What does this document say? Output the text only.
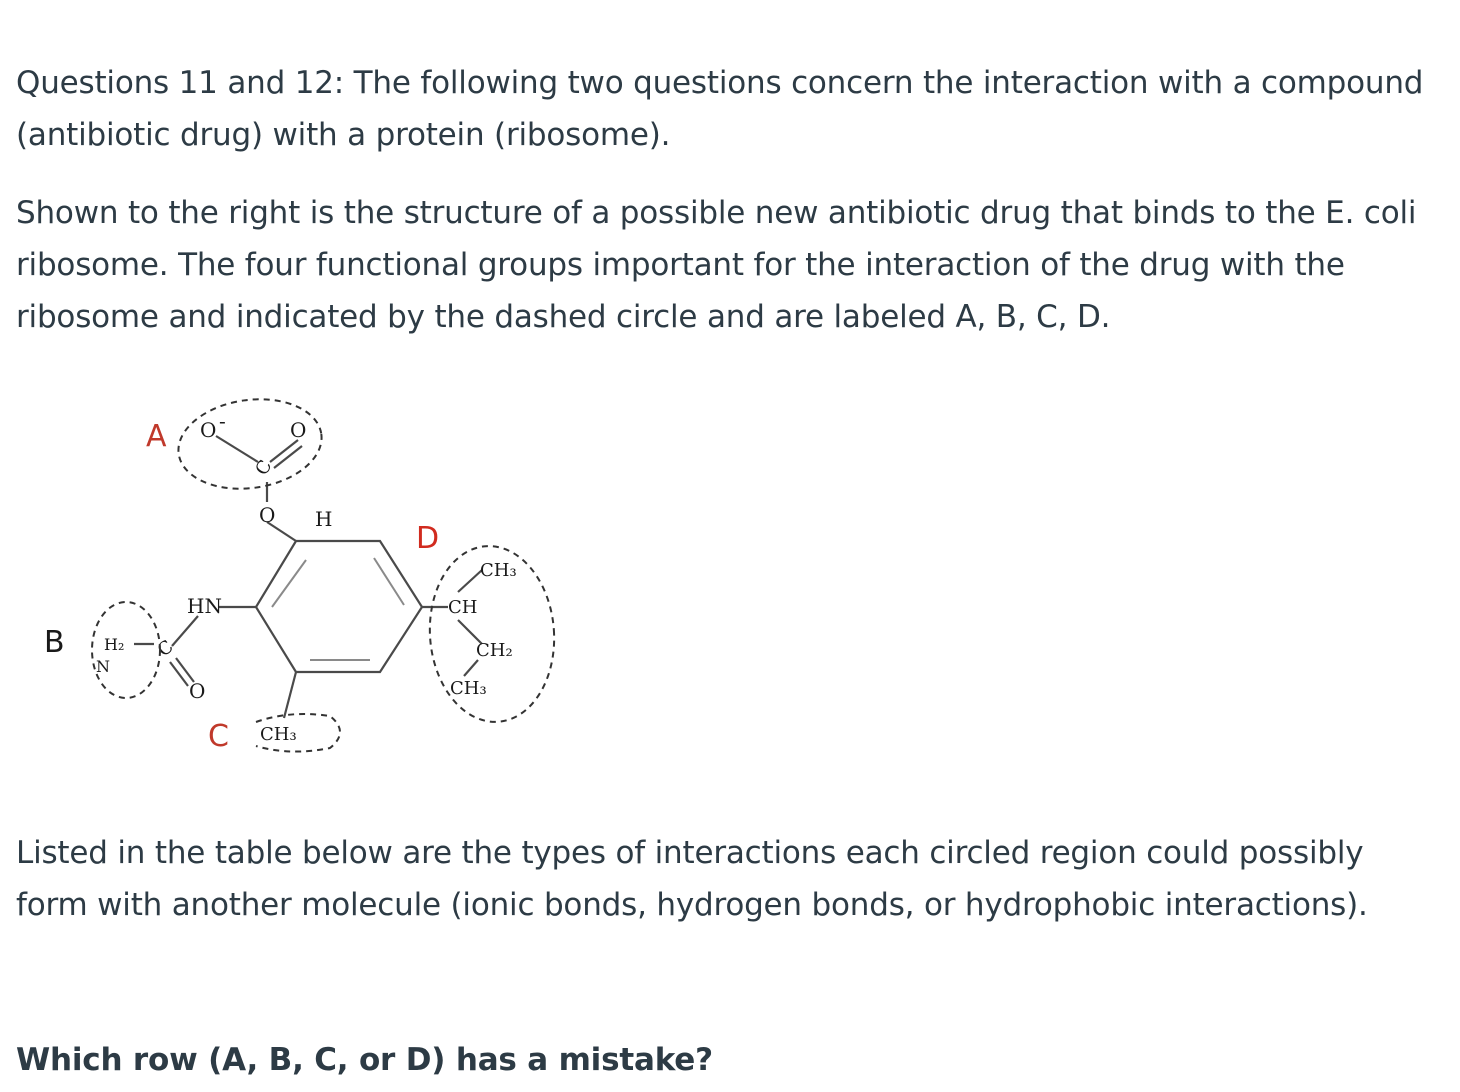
Questions 11 and 12: The following two questions concern the interaction with a compound (antibiotic drug) with a protein (ribosome).

Shown to the right is the structure of a possible new antibiotic drug that binds to the E. coli ribosome. The four functional groups important for the interaction of the drug with the ribosome and indicated by the dashed circle and are labeled A, B, C, D.

O
C
O -	O
A
H
HN
C
O
H₂
N
B
CH₃
C
CH
CH₃
CH₂
CH₃
D

Listed in the table below are the types of interactions each circled region could possibly form with another molecule (ionic bonds, hydrogen bonds, or hydrophobic interactions).

Which row (A, B, C, or D) has a mistake?
